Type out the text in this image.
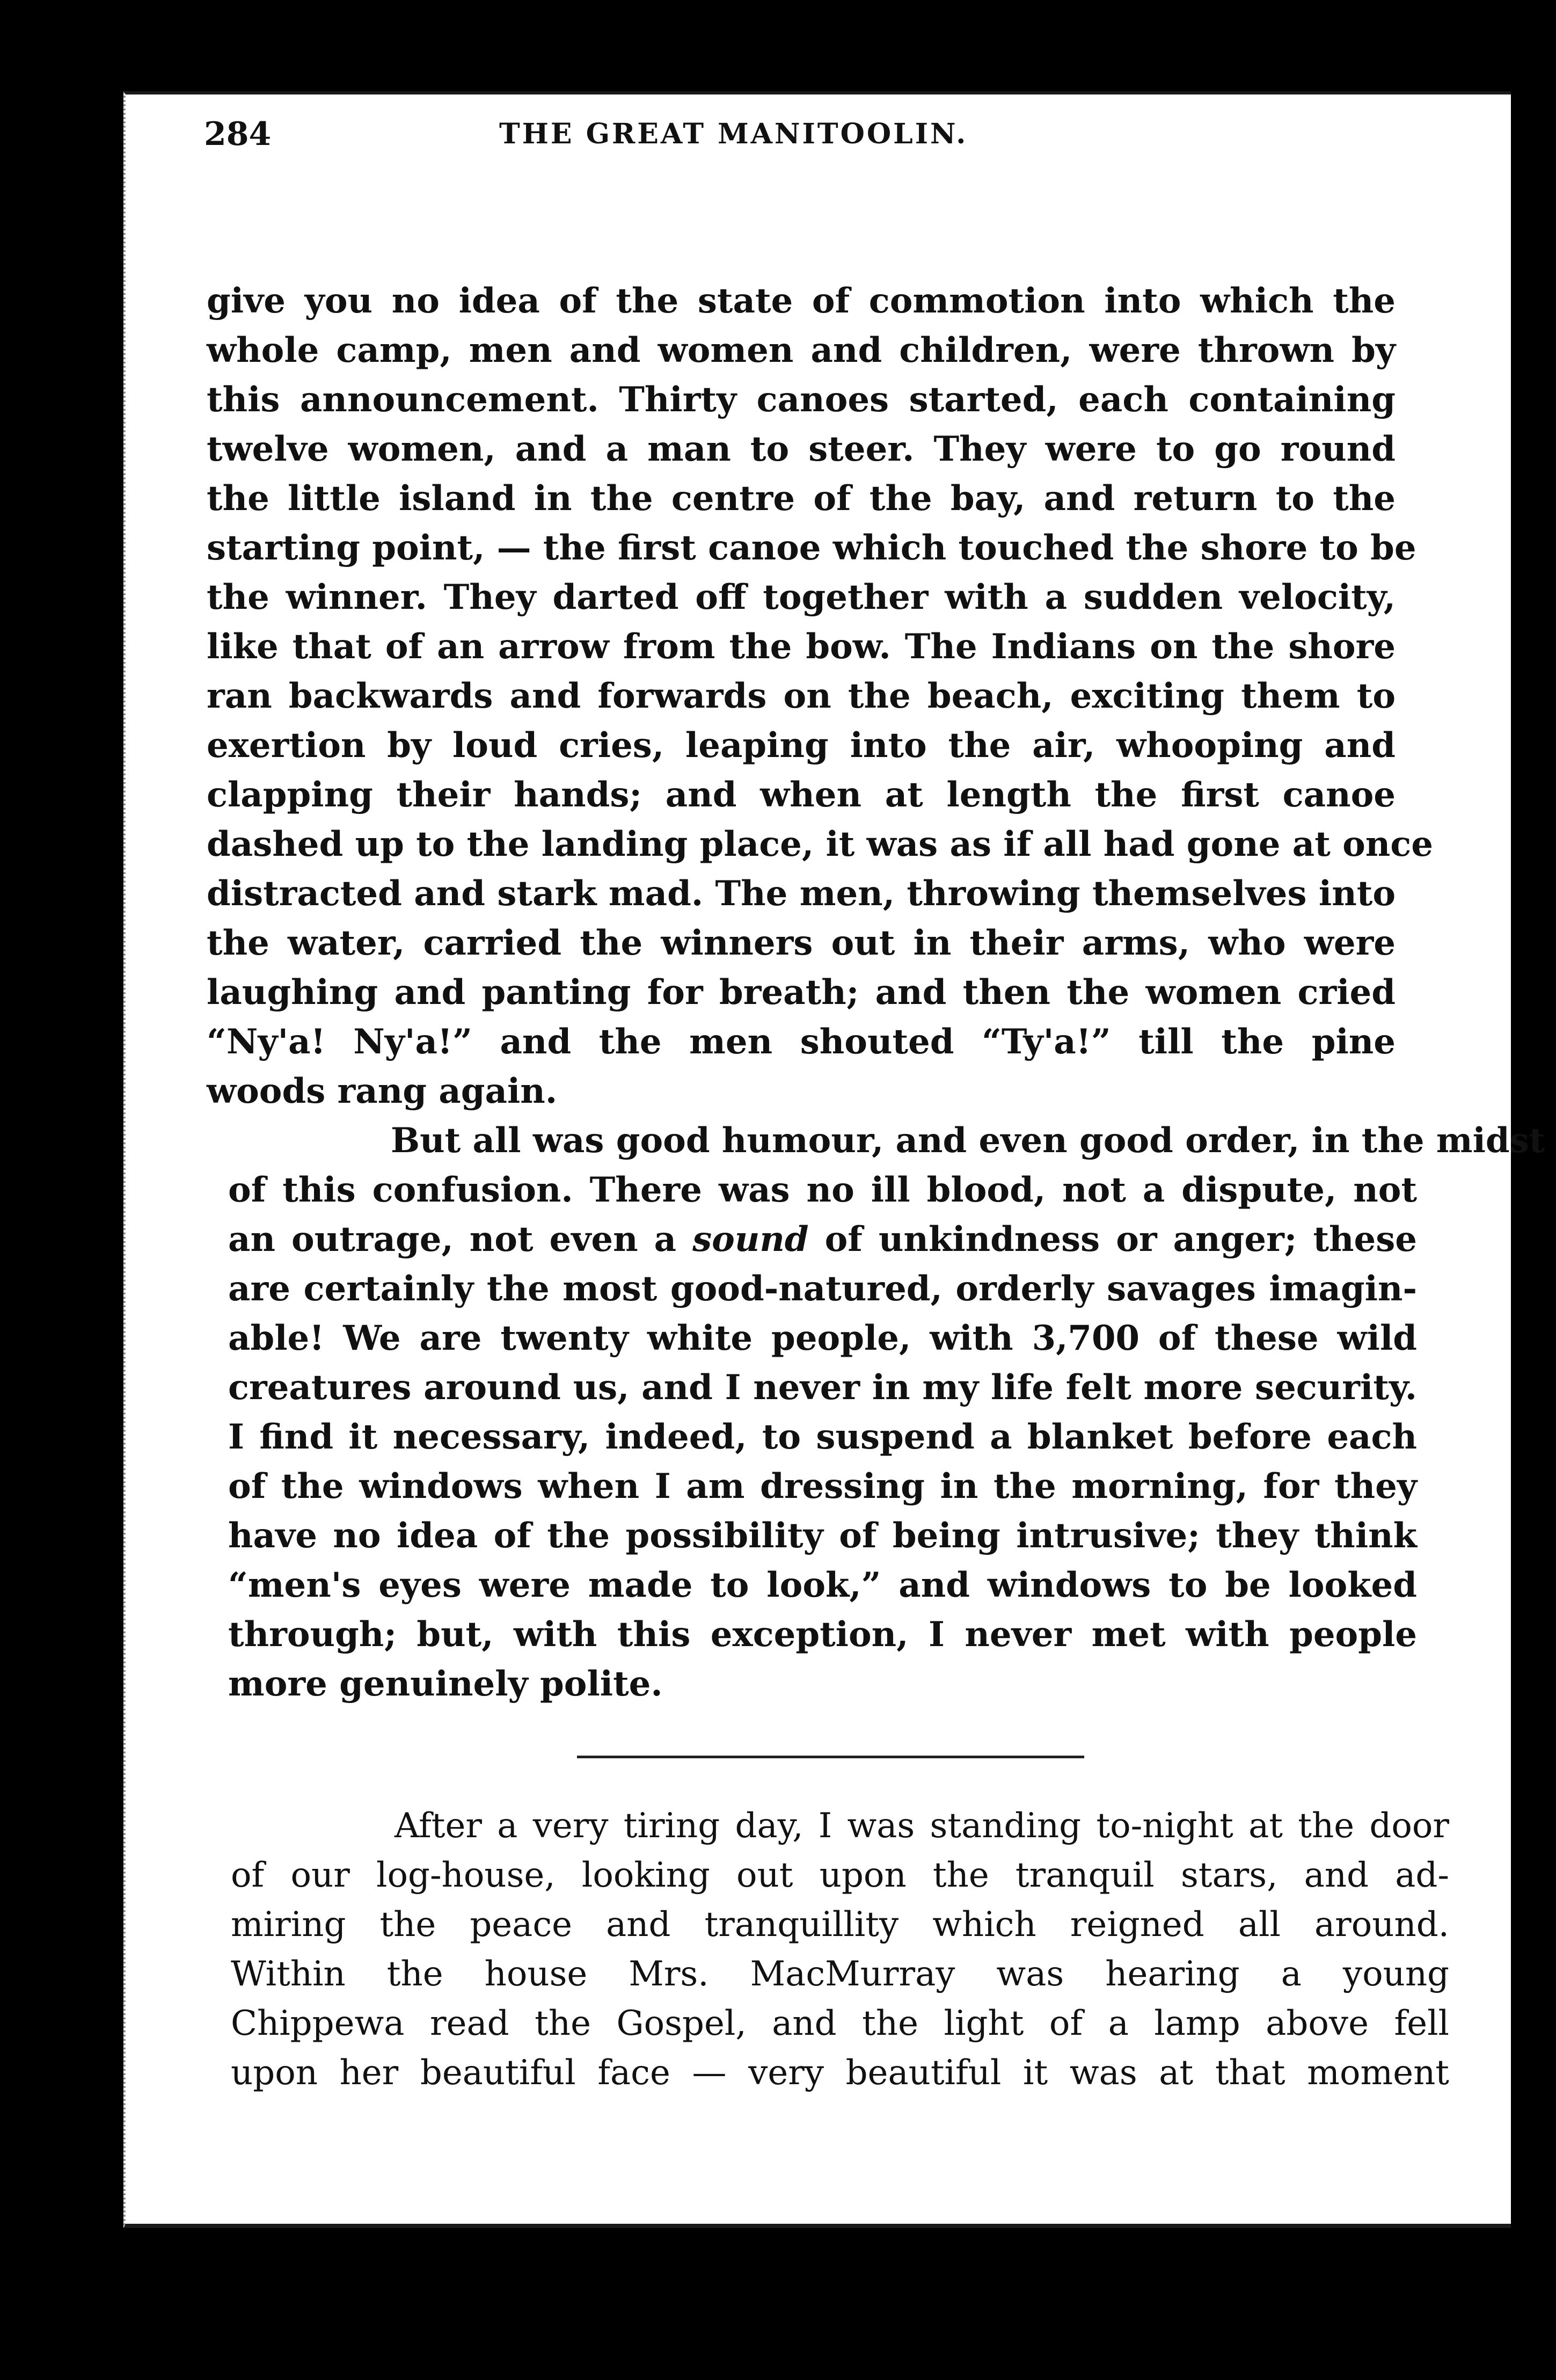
284	THE GREAT MANITOOLIN.
give you no idea of the state of commotion into which the
whole camp, men and women and children, were thrown by
this announcement. Thirty canoes started, each containing
twelve women, and a man to steer. They were to go round
the little island in the centre of the bay, and return to the
starting point, — the first canoe which touched the shore to be
the winner. They darted off together with a sudden velocity,
like that of an arrow from the bow. The Indians on the shore
ran backwards and forwards on the beach, exciting them to
exertion by loud cries, leaping into the air, whooping and
clapping their hands; and when at length the first canoe
dashed up to the landing place, it was as if all had gone at once
distracted and stark mad. The men, throwing themselves into
the water, carried the winners out in their arms, who were
laughing and panting for breath; and then the women cried
“Ny'a! Ny'a!” and the men shouted “Ty'a!” till the pine
woods rang again.
But all was good humour, and even good order, in the midst
of this confusion. There was no ill blood, not a dispute, not
an outrage, not even a sound of unkindness or anger; these
are certainly the most good-natured, orderly savages imagin-
able! We are twenty white people, with 3,700 of these wild
creatures around us, and I never in my life felt more security.
I find it necessary, indeed, to suspend a blanket before each
of the windows when I am dressing in the morning, for they
have no idea of the possibility of being intrusive; they think
“men's eyes were made to look,” and windows to be looked
through; but, with this exception, I never met with people
more genuinely polite.
After a very tiring day, I was standing to-night at the door
of our log-house, looking out upon the tranquil stars, and ad-
miring the peace and tranquillity which reigned all around.
Within the house Mrs. MacMurray was hearing a young
Chippewa read the Gospel, and the light of a lamp above fell
upon her beautiful face — very beautiful it was at that moment
